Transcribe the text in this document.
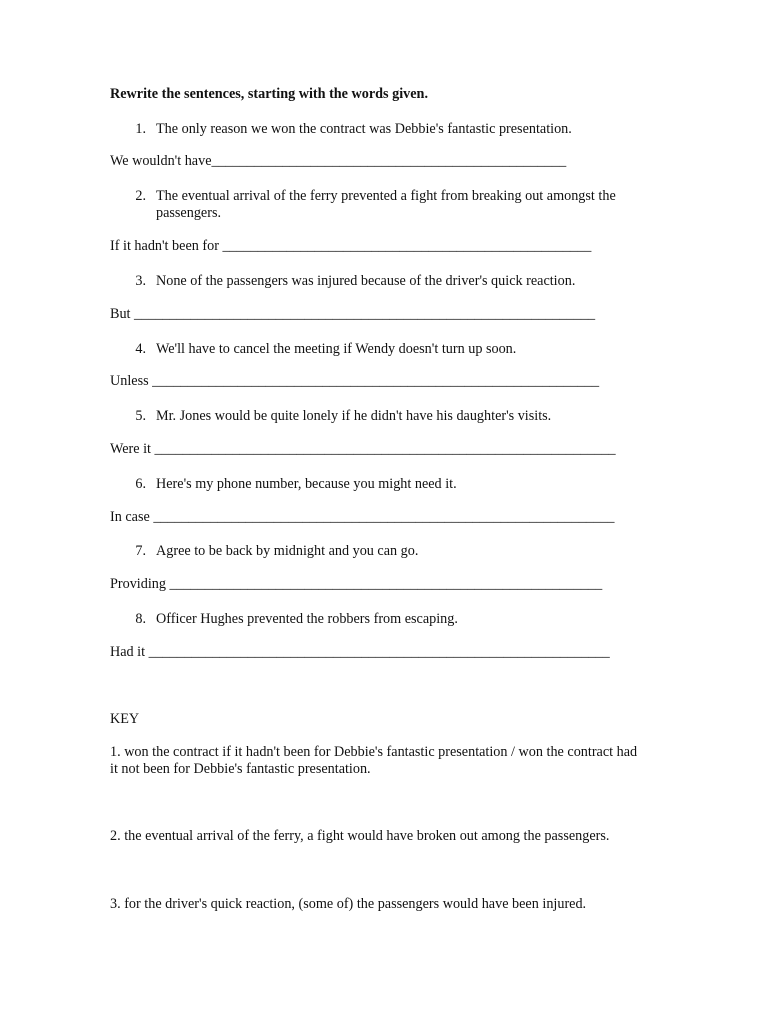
Rewrite the sentences, starting with the words given.
1. The only reason we won the contract was Debbie's fantastic presentation.
We wouldn't have__________________________________________________
2. The eventual arrival of the ferry prevented a fight from breaking out amongst the passengers.
If it hadn't been for ____________________________________________________
3. None of the passengers was injured because of the driver's quick reaction.
But _________________________________________________________________
4. We'll have to cancel the meeting if Wendy doesn't turn up soon.
Unless _______________________________________________________________
5. Mr. Jones would be quite lonely if he didn't have his daughter's visits.
Were it _________________________________________________________________
6. Here's my phone number, because you might need it.
In case _________________________________________________________________
7. Agree to be back by midnight and you can go.
Providing _____________________________________________________________
8. Officer Hughes prevented the robbers from escaping.
Had it _________________________________________________________________
KEY
1. won the contract if it hadn't been for Debbie's fantastic presentation / won the contract had it not been for Debbie's fantastic presentation.
2. the eventual arrival of the ferry, a fight would have broken out among the passengers.
3. for the driver's quick reaction, (some of) the passengers would have been injured.
